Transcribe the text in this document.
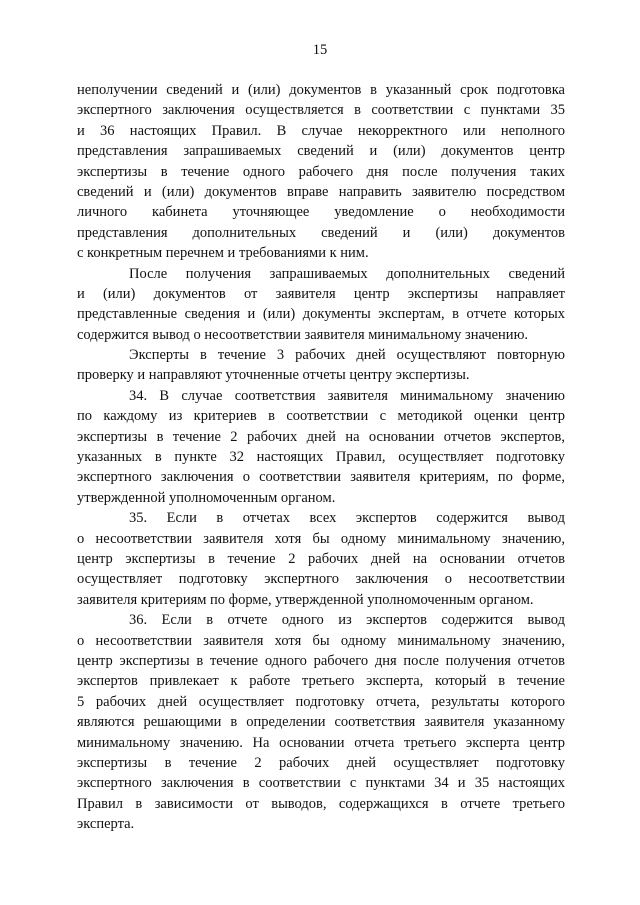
15
неполучении сведений и (или) документов в указанный срок подготовка
экспертного заключения осуществляется в соответствии с пунктами 35
и 36 настоящих Правил. В случае некорректного или неполного
представления запрашиваемых сведений и (или) документов центр
экспертизы в течение одного рабочего дня после получения таких
сведений и (или) документов вправе направить заявителю посредством
личного кабинета уточняющее уведомление о необходимости
представления дополнительных сведений и (или) документов
с конкретным перечнем и требованиями к ним.
После получения запрашиваемых дополнительных сведений
и (или) документов от заявителя центр экспертизы направляет
представленные сведения и (или) документы экспертам, в отчете которых
содержится вывод о несоответствии заявителя минимальному значению.
Эксперты в течение 3 рабочих дней осуществляют повторную
проверку и направляют уточненные отчеты центру экспертизы.
34. В случае соответствия заявителя минимальному значению
по каждому из критериев в соответствии с методикой оценки центр
экспертизы в течение 2 рабочих дней на основании отчетов экспертов,
указанных в пункте 32 настоящих Правил, осуществляет подготовку
экспертного заключения о соответствии заявителя критериям, по форме,
утвержденной уполномоченным органом.
35. Если в отчетах всех экспертов содержится вывод
о несоответствии заявителя хотя бы одному минимальному значению,
центр экспертизы в течение 2 рабочих дней на основании отчетов
осуществляет подготовку экспертного заключения о несоответствии
заявителя критериям по форме, утвержденной уполномоченным органом.
36. Если в отчете одного из экспертов содержится вывод
о несоответствии заявителя хотя бы одному минимальному значению,
центр экспертизы в течение одного рабочего дня после получения отчетов
экспертов привлекает к работе третьего эксперта, который в течение
5 рабочих дней осуществляет подготовку отчета, результаты которого
являются решающими в определении соответствия заявителя указанному
минимальному значению. На основании отчета третьего эксперта центр
экспертизы в течение 2 рабочих дней осуществляет подготовку
экспертного заключения в соответствии с пунктами 34 и 35 настоящих
Правил в зависимости от выводов, содержащихся в отчете третьего
эксперта.
